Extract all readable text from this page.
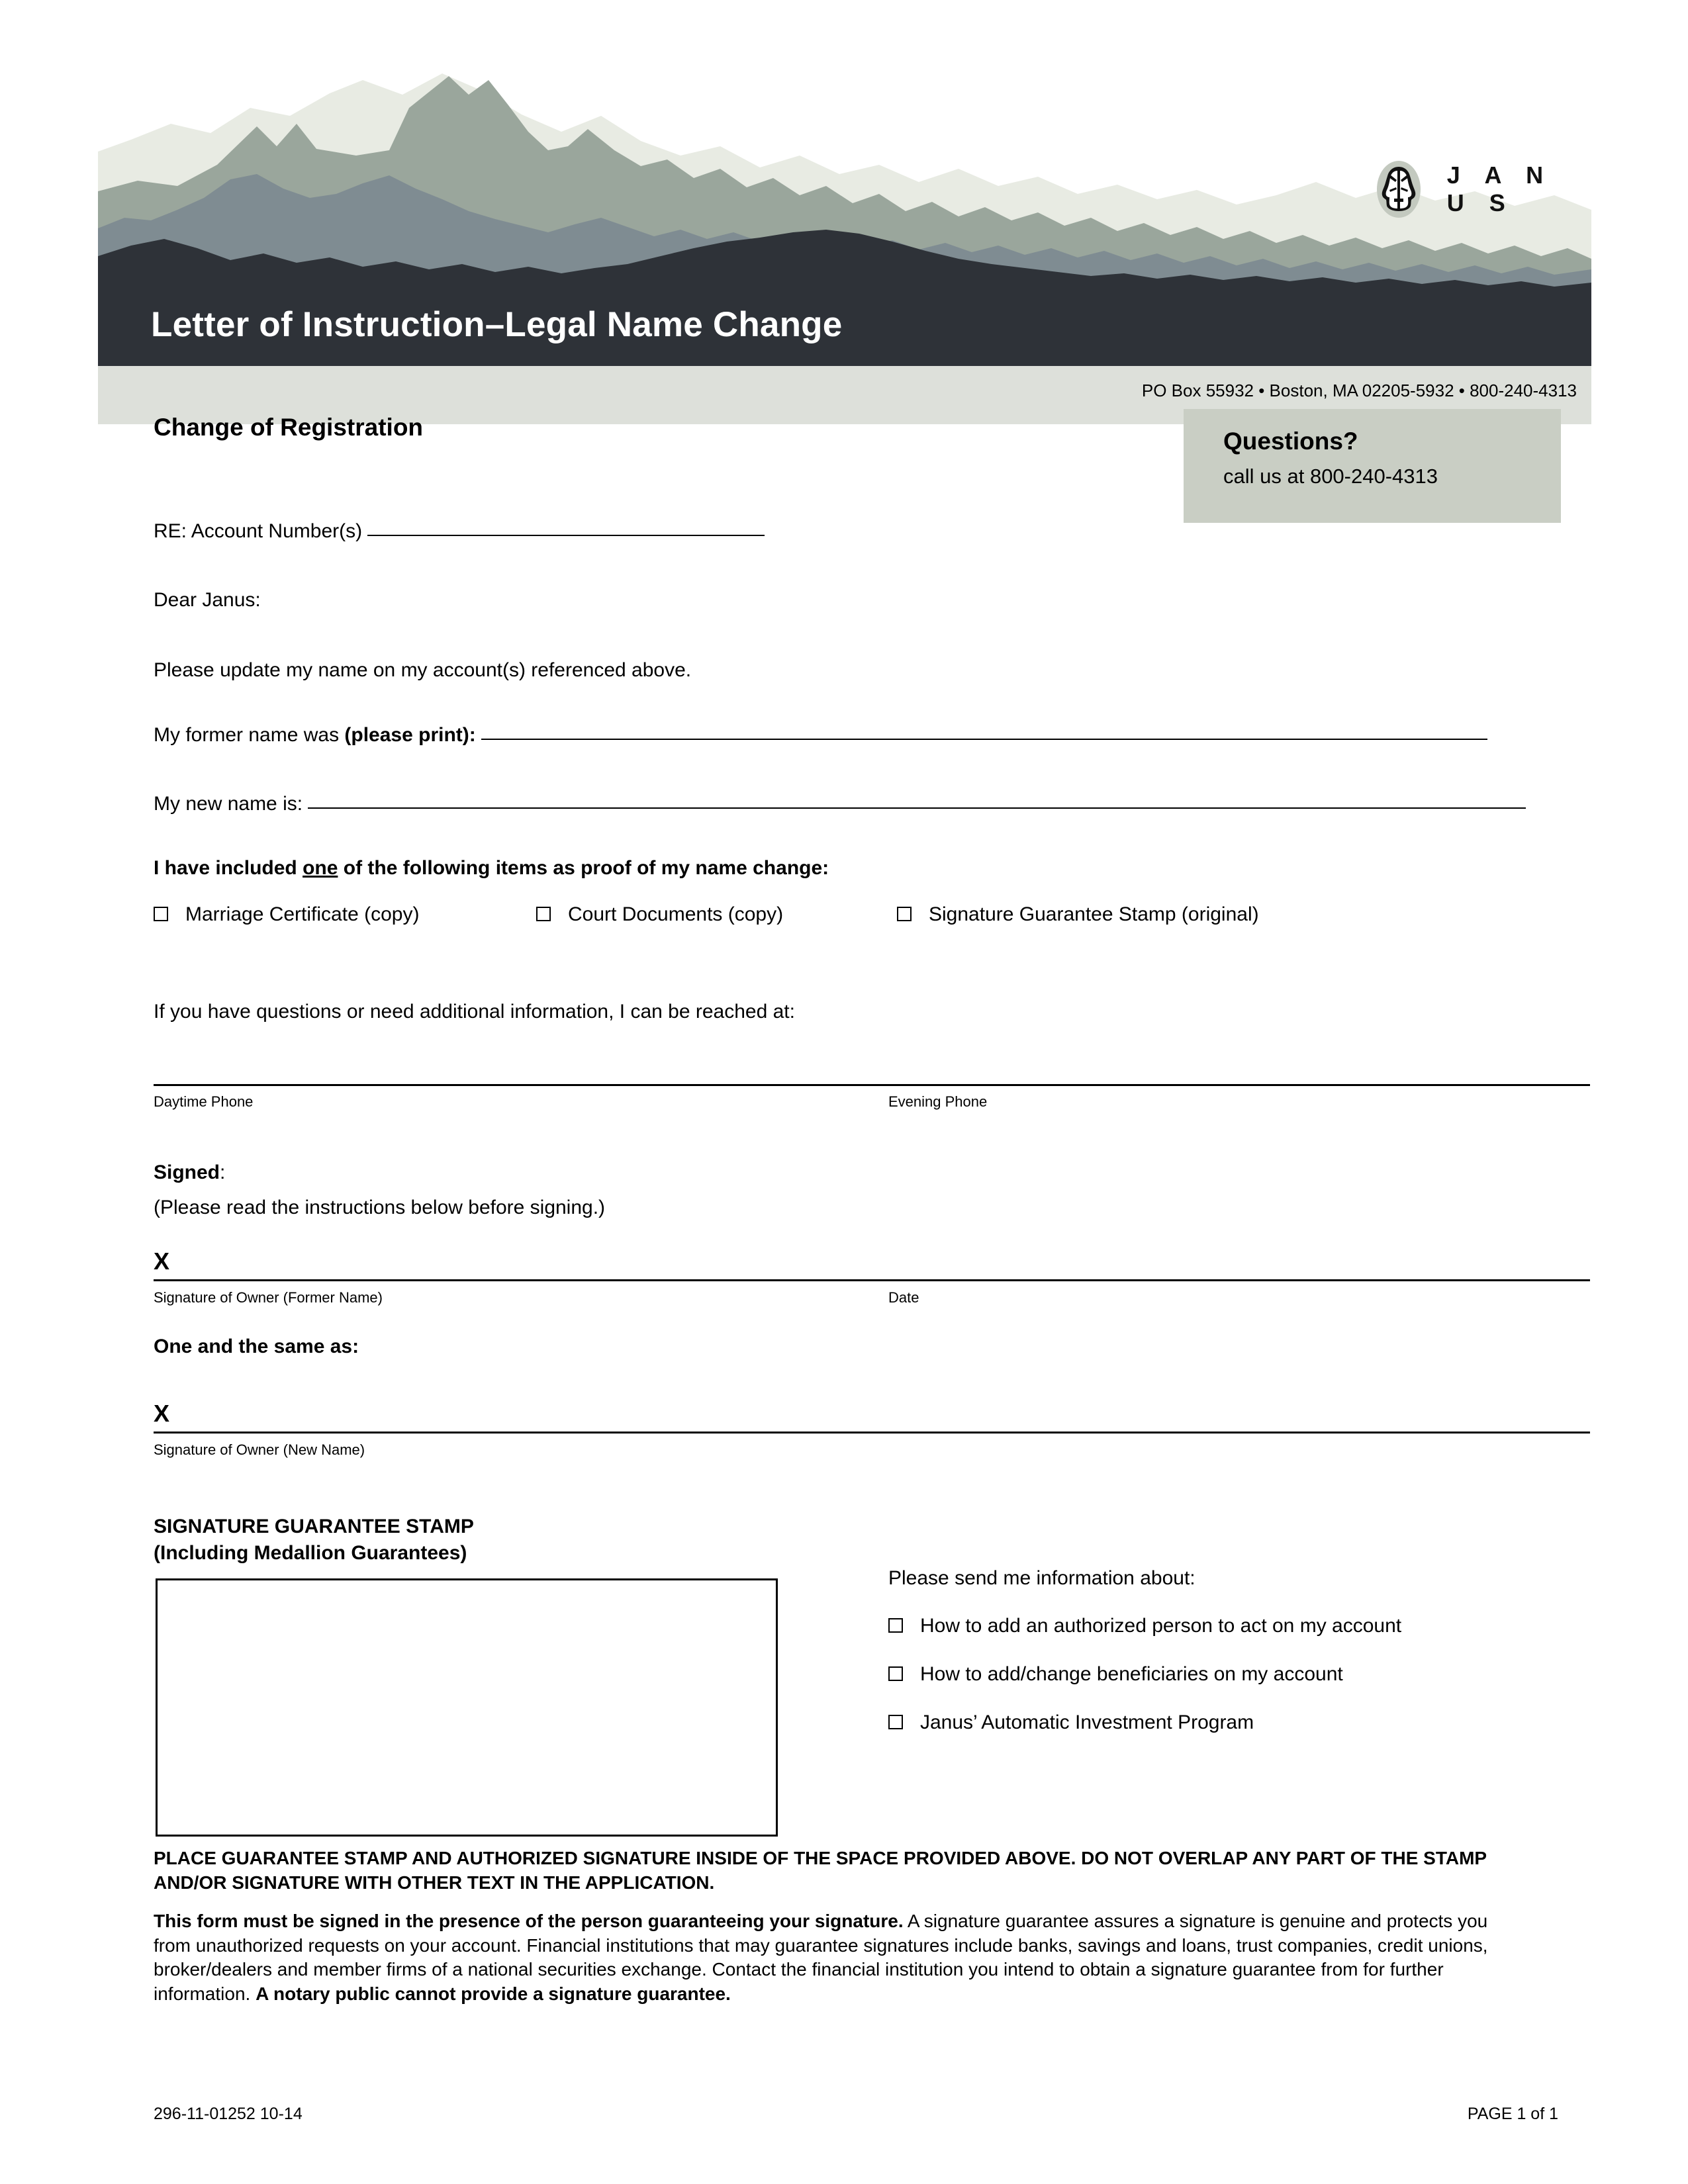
Letter of Instruction–Legal Name Change
PO Box 55932 • Boston, MA 02205-5932 • 800-240-4313
J A N U S
Change of Registration
Questions?
call us at 800-240-4313
RE: Account Number(s)
Dear Janus:
Please update my name on my account(s) referenced above.
My former name was (please print):
My new name is:
I have included one of the following items as proof of my name change:
Marriage Certificate (copy)	Court Documents (copy)	Signature Guarantee Stamp (original)
If you have questions or need additional information, I can be reached at:
Daytime Phone	Evening Phone
Signed:
(Please read the instructions below before signing.)
X
Signature of Owner (Former Name)	Date
One and the same as:
X
Signature of Owner (New Name)
SIGNATURE GUARANTEE STAMP
(Including Medallion Guarantees)
Please send me information about:
How to add an authorized person to act on my account
How to add/change beneficiaries on my account
Janus’ Automatic Investment Program
PLACE GUARANTEE STAMP AND AUTHORIZED SIGNATURE INSIDE OF THE SPACE PROVIDED ABOVE. DO NOT OVERLAP ANY PART OF THE STAMP AND/OR SIGNATURE WITH OTHER TEXT IN THE APPLICATION.
This form must be signed in the presence of the person guaranteeing your signature. A signature guarantee assures a signature is genuine and protects you from unauthorized requests on your account. Financial institutions that may guarantee signatures include banks, savings and loans, trust companies, credit unions, broker/dealers and member firms of a national securities exchange. Contact the financial institution you intend to obtain a signature guarantee from for further information. A notary public cannot provide a signature guarantee.
296-11-01252 10-14	PAGE 1 of 1
